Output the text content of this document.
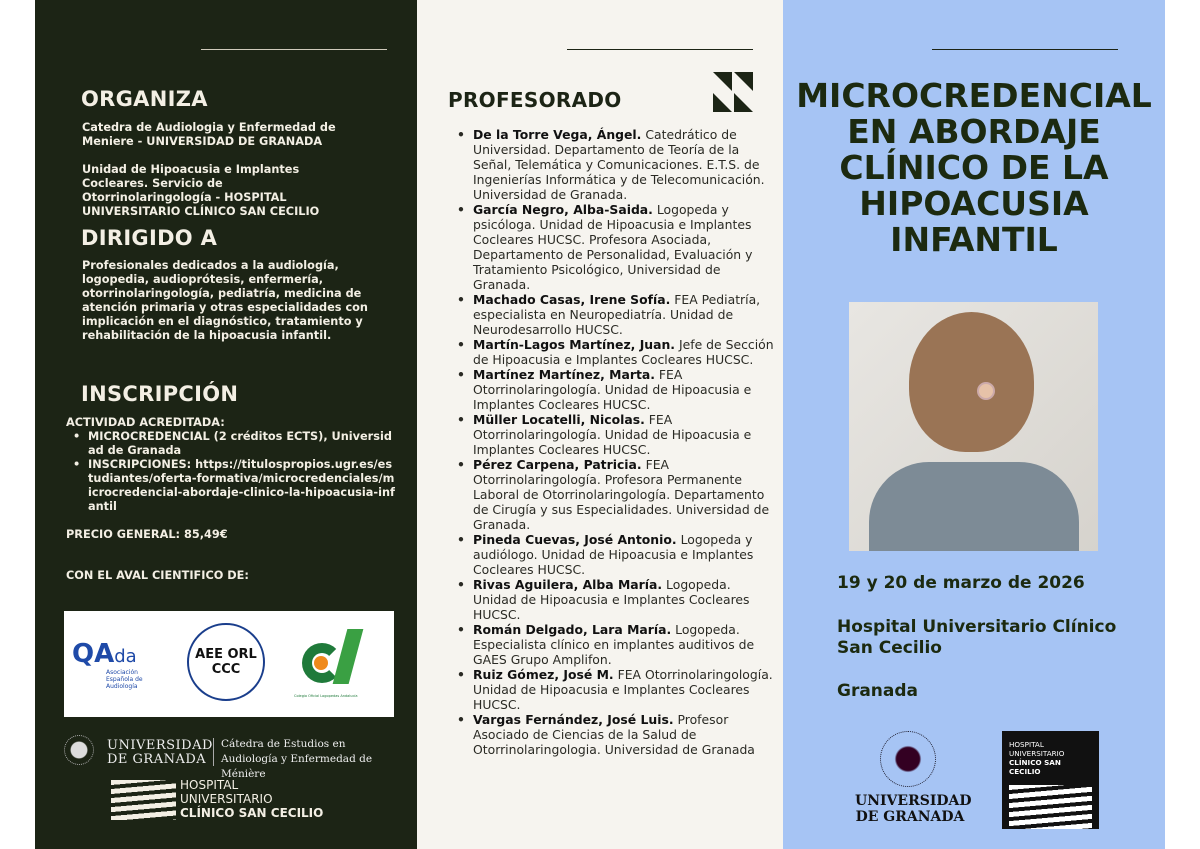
ORGANIZA

Catedra de Audiologia y Enfermedad de Meniere - UNIVERSIDAD DE GRANADA

Unidad de Hipoacusia e Implantes Cocleares. Servicio de Otorrinolaringología - HOSPITAL UNIVERSITARIO CLÍNICO SAN CECILIO

DIRIGIDO A
Profesionales dedicados a la audiología, logopedia, audioprótesis, enfermería, otorrinolaringología, pediatría, medicina de atención primaria y otras especialidades con implicación en el diagnóstico, tratamiento y rehabilitación de la hipoacusia infantil.
INSCRIPCIÓN
ACTIVIDAD ACREDITADA:
• MICROCREDENCIAL (2 créditos ECTS), Universidad de Granada
• INSCRIPCIONES: https://titulospropios.ugr.es/estudiantes/oferta-formativa/microcredenciales/microcredencial-abordaje-clinico-la-hipoacusia-infantil
PRECIO GENERAL: 85,49€
CON EL AVAL CIENTIFICO DE:
QAda
Asociación Española de Audiología
AEE ORL CCC
Colegio Oficial Logopedas Andalucía
UNIVERSIDAD DE GRANADA
Cátedra de Estudios en Audiología y Enfermedad de Ménière
HOSPITAL
UNIVERSITARIO
CLÍNICO SAN CECILIO
PROFESORADO
• De la Torre Vega, Ángel. Catedrático de Universidad. Departamento de Teoría de la Señal, Telemática y Comunicaciones. E.T.S. de Ingenierías Informática y de Telecomunicación. Universidad de Granada.
• García Negro, Alba-Saida. Logopeda y psicóloga. Unidad de Hipoacusia e Implantes Cocleares HUCSC. Profesora Asociada, Departamento de Personalidad, Evaluación y Tratamiento Psicológico, Universidad de Granada.
• Machado Casas, Irene Sofía. FEA Pediatría, especialista en Neuropediatría. Unidad de Neurodesarrollo HUCSC.
• Martín-Lagos Martínez, Juan. Jefe de Sección de Hipoacusia e Implantes Cocleares HUCSC.
• Martínez Martínez, Marta. FEA Otorrinolaringología. Unidad de Hipoacusia e Implantes Cocleares HUCSC.
• Müller Locatelli, Nicolas. FEA Otorrinolaringología. Unidad de Hipoacusia e Implantes Cocleares HUCSC.
• Pérez Carpena, Patricia. FEA Otorrinolaringología. Profesora Permanente Laboral de Otorrinolaringología. Departamento de Cirugía y sus Especialidades. Universidad de Granada.
• Pineda Cuevas, José Antonio. Logopeda y audiólogo. Unidad de Hipoacusia e Implantes Cocleares HUCSC.
• Rivas Aguilera, Alba María. Logopeda. Unidad de Hipoacusia e Implantes Cocleares HUCSC.
• Román Delgado, Lara María. Logopeda. Especialista clínico en implantes auditivos de GAES Grupo Amplifon.
• Ruiz Gómez, José M. FEA Otorrinolaringología. Unidad de Hipoacusia e Implantes Cocleares HUCSC.
• Vargas Fernández, José Luis. Profesor Asociado de Ciencias de la Salud de Otorrinolaringologia. Universidad de Granada
MICROCREDENCIAL EN ABORDAJE CLÍNICO DE LA HIPOACUSIA INFANTIL
19 y 20 de marzo de 2026
Hospital Universitario Clínico San Cecilio
Granada
UNIVERSIDAD DE GRANADA
HOSPITAL
UNIVERSITARIO
CLÍNICO SAN CECILIO
